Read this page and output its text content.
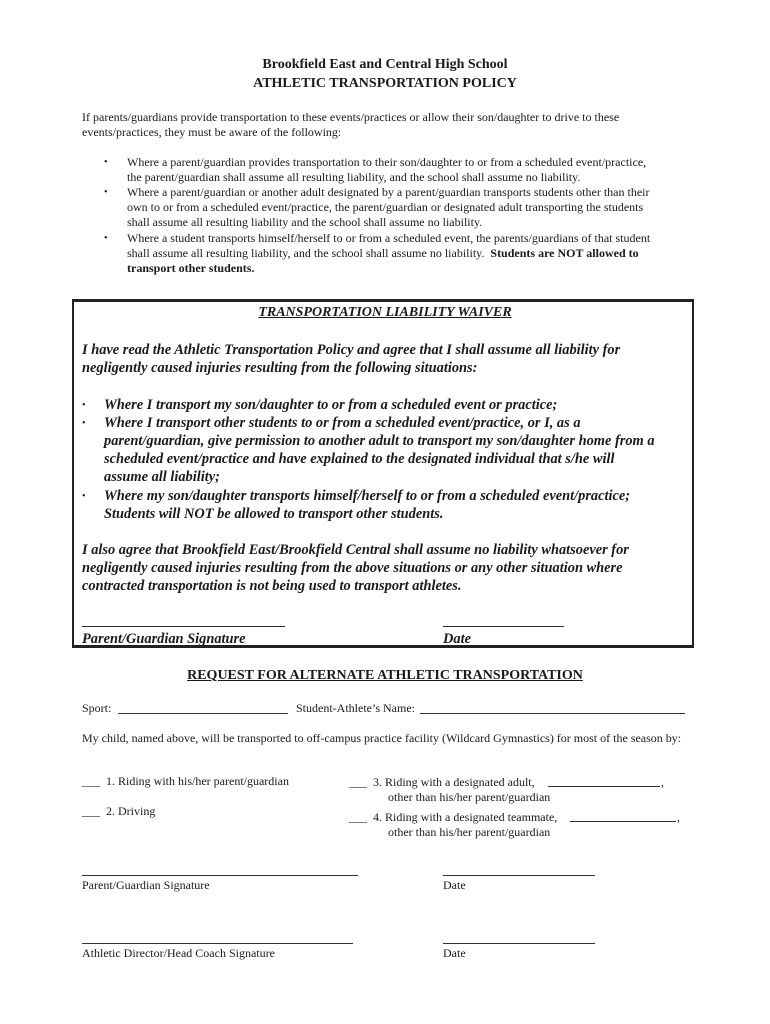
Brookfield East and Central High School
ATHLETIC TRANSPORTATION POLICY
If parents/guardians provide transportation to these events/practices or allow their son/daughter to drive to these
events/practices, they must be aware of the following:
• Where a parent/guardian provides transportation to their son/daughter to or from a scheduled event/practice,
the parent/guardian shall assume all resulting liability, and the school shall assume no liability.
• Where a parent/guardian or another adult designated by a parent/guardian transports students other than their
own to or from a scheduled event/practice, the parent/guardian or designated adult transporting the students
shall assume all resulting liability and the school shall assume no liability.
• Where a student transports himself/herself to or from a scheduled event, the parents/guardians of that student
shall assume all resulting liability, and the school shall assume no liability. Students are NOT allowed to
transport other students.
TRANSPORTATION LIABILITY WAIVER
I have read the Athletic Transportation Policy and agree that I shall assume all liability for
negligently caused injuries resulting from the following situations:
• Where I transport my son/daughter to or from a scheduled event or practice;
• Where I transport other students to or from a scheduled event/practice, or I, as a
parent/guardian, give permission to another adult to transport my son/daughter home from a
scheduled event/practice and have explained to the designated individual that s/he will
assume all liability;
• Where my son/daughter transports himself/herself to or from a scheduled event/practice;
Students will NOT be allowed to transport other students.
I also agree that Brookfield East/Brookfield Central shall assume no liability whatsoever for
negligently caused injuries resulting from the above situations or any other situation where
contracted transportation is not being used to transport athletes.
Parent/Guardian Signature	Date
REQUEST FOR ALTERNATE ATHLETIC TRANSPORTATION
Sport:	Student-Athlete’s Name:
My child, named above, will be transported to off-campus practice facility (Wildcard Gymnastics) for most of the season by:
___ 1. Riding with his/her parent/guardian
___ 2. Driving
___ 3. Riding with a designated adult,	,
other than his/her parent/guardian
___ 4. Riding with a designated teammate,	,
other than his/her parent/guardian
Parent/Guardian Signature	Date
Athletic Director/Head Coach Signature	Date
